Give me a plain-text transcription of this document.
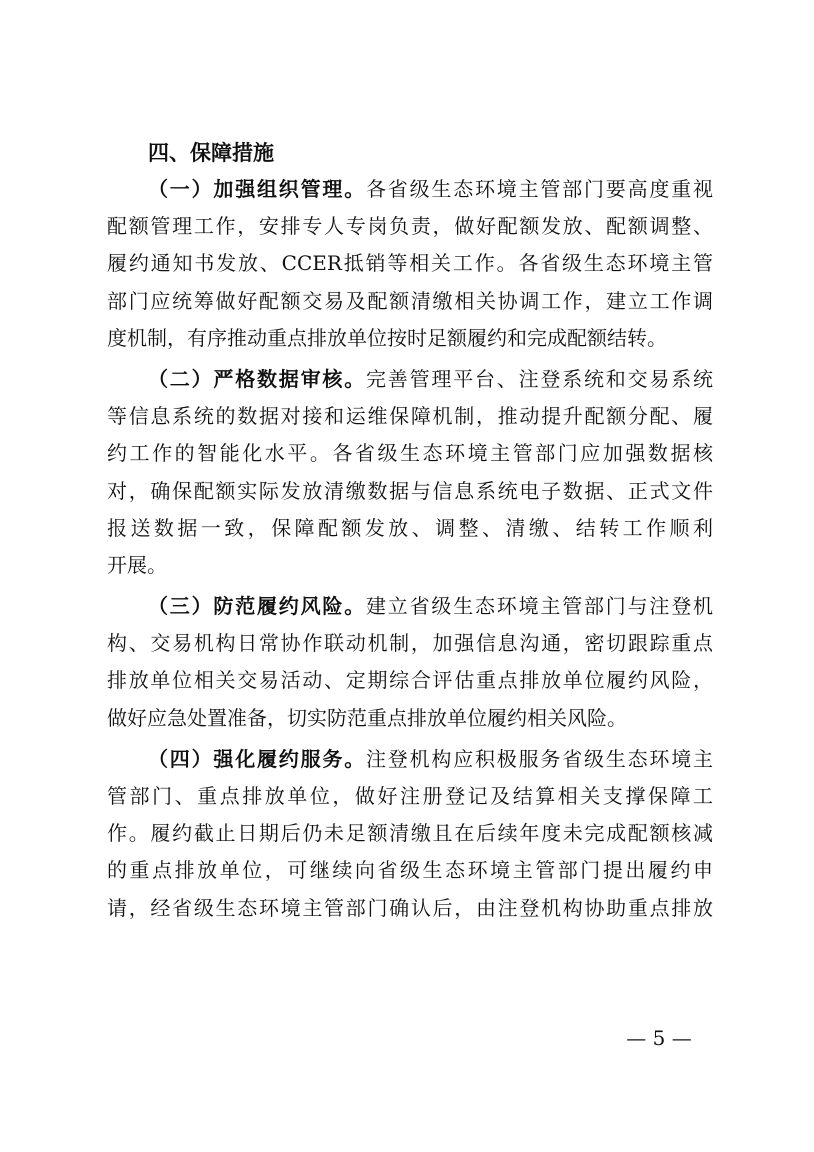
四、保障措施
（一）加强组织管理。各省级生态环境主管部门要高度重视
配额管理工作，安排专人专岗负责，做好配额发放、配额调整、
履约通知书发放、CCER抵销等相关工作。各省级生态环境主管
部门应统筹做好配额交易及配额清缴相关协调工作，建立工作调
度机制，有序推动重点排放单位按时足额履约和完成配额结转。
（二）严格数据审核。完善管理平台、注登系统和交易系统
等信息系统的数据对接和运维保障机制，推动提升配额分配、履
约工作的智能化水平。各省级生态环境主管部门应加强数据核
对，确保配额实际发放清缴数据与信息系统电子数据、正式文件
报送数据一致，保障配额发放、调整、清缴、结转工作顺利
开展。
（三）防范履约风险。建立省级生态环境主管部门与注登机
构、交易机构日常协作联动机制，加强信息沟通，密切跟踪重点
排放单位相关交易活动、定期综合评估重点排放单位履约风险，
做好应急处置准备，切实防范重点排放单位履约相关风险。
（四）强化履约服务。注登机构应积极服务省级生态环境主
管部门、重点排放单位，做好注册登记及结算相关支撑保障工
作。履约截止日期后仍未足额清缴且在后续年度未完成配额核减
的重点排放单位，可继续向省级生态环境主管部门提出履约申
请，经省级生态环境主管部门确认后，由注登机构协助重点排放
— 5 —
